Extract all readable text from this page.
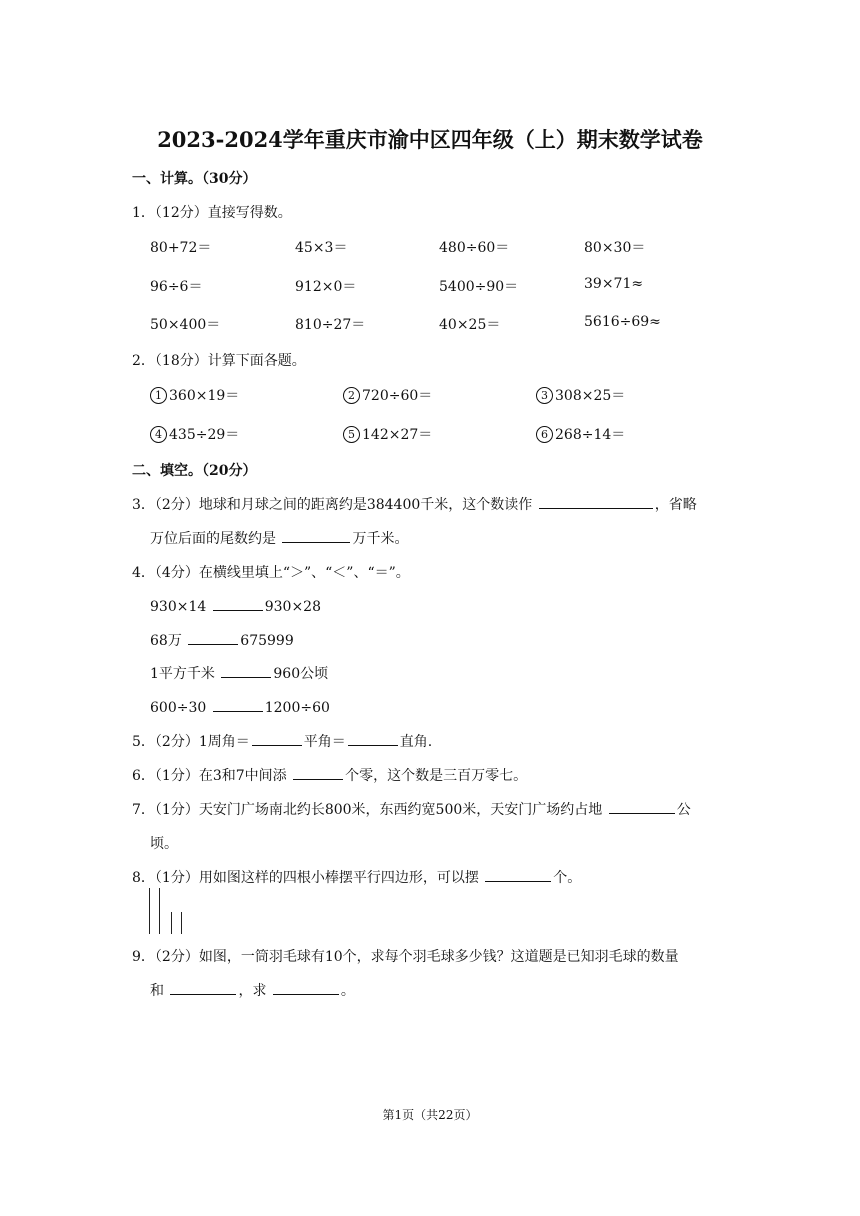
2023-2024学年重庆市渝中区四年级（上）期末数学试卷
一、计算。（30分）
1．（12分）直接写得数。
80+72＝	45×3＝	480÷60＝	80×30＝
96÷6＝	912×0＝	5400÷90＝	39×71≈
50×400＝	810÷27＝	40×25＝	5616÷69≈
2．（18分）计算下面各题。
1 360×19＝	2 720÷60＝	3 308×25＝
4 435÷29＝	5 142×27＝	6 268÷14＝
二、填空。（20分）
3．（2分）地球和月球之间的距离约是384400千米，这个数读作	，省略
万位后面的尾数约是	万千米。
4．（4分）在横线里填上“＞”、“＜”、“＝”。
930×14	930×28
68万	675999
1平方千米	960公顷
600÷30	1200÷60
5．（2分）1周角＝	平角＝	直角.
6．（1分）在3和7中间添	个零，这个数是三百万零七。
7．（1分）天安门广场南北约长800米，东西约宽500米，天安门广场约占地	公
顷。
8．（1分）用如图这样的四根小棒摆平行四边形，可以摆	个。
9．（2分）如图，一筒羽毛球有10个，求每个羽毛球多少钱？这道题是已知羽毛球的数量
和	，求	。
第1页（共22页）
